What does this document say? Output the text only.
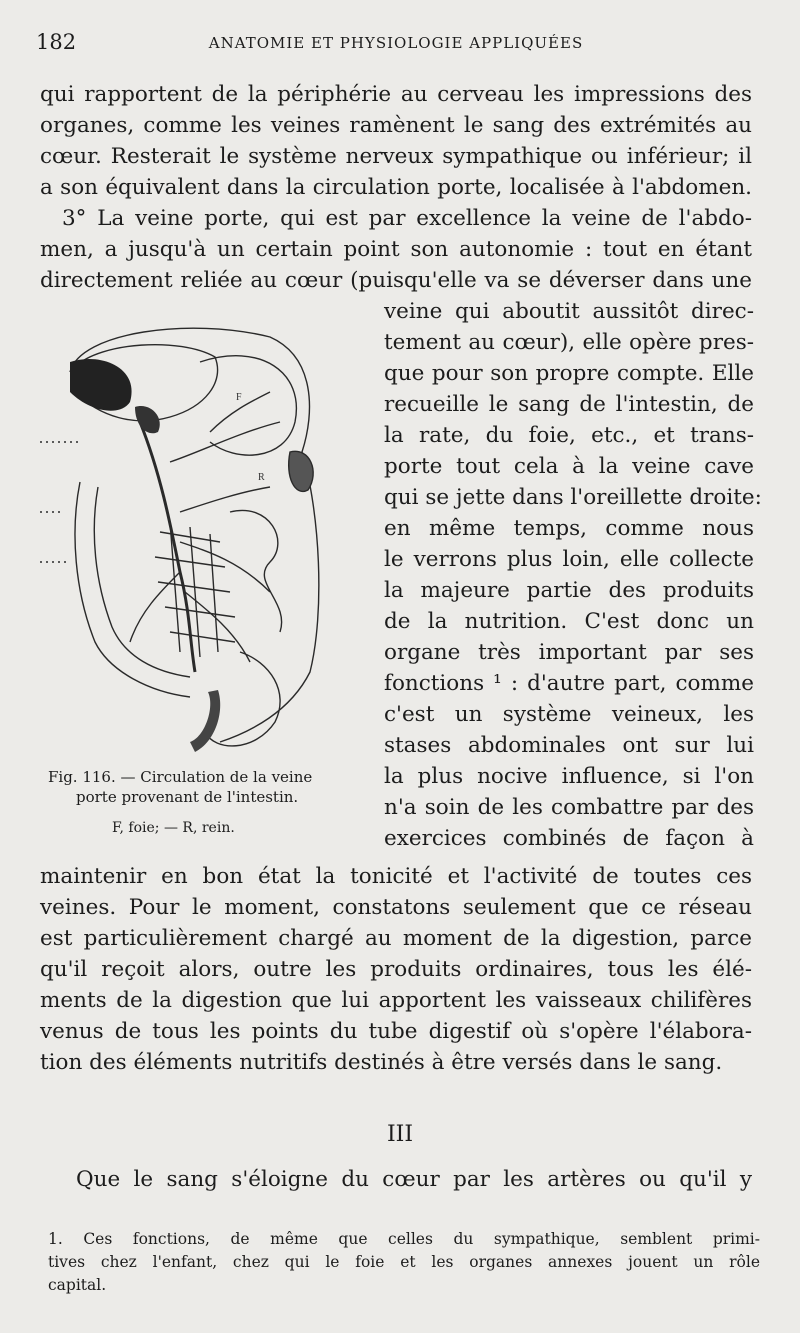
182	ANATOMIE ET PHYSIOLOGIE APPLIQUÉES
qui rapportent de la périphérie au cerveau les impressions des
organes, comme les veines ramènent le sang des extrémités au
cœur. Resterait le système nerveux sympathique ou inférieur; il
a son équivalent dans la circulation porte, localisée à l'abdomen.
3° La veine porte, qui est par excellence la veine de l'abdo-
men, a jusqu'à un certain point son autonomie : tout en étant
directement reliée au cœur (puisqu'elle va se déverser dans une
veine qui aboutit aussitôt direc-
tement au cœur), elle opère pres-
que pour son propre compte. Elle
recueille le sang de l'intestin, de
la rate, du foie, etc., et trans-
porte tout cela à la veine cave
qui se jette dans l'oreillette droite:
en même temps, comme nous
le verrons plus loin, elle collecte
la majeure partie des produits
de la nutrition. C'est donc un
organe très important par ses
fonctions ¹ : d'autre part, comme
c'est un système veineux, les
stases abdominales ont sur lui
la plus nocive influence, si l'on
n'a soin de les combattre par des
exercices combinés de façon à
F
R
Fig. 116. — Circulation de la veine
porte provenant de l'intestin.
F, foie; — R, rein.
maintenir en bon état la tonicité et l'activité de toutes ces
veines. Pour le moment, constatons seulement que ce réseau
est particulièrement chargé au moment de la digestion, parce
qu'il reçoit alors, outre les produits ordinaires, tous les élé-
ments de la digestion que lui apportent les vaisseaux chilifères
venus de tous les points du tube digestif où s'opère l'élabora-
tion des éléments nutritifs destinés à être versés dans le sang.
III
Que le sang s'éloigne du cœur par les artères ou qu'il y
1. Ces fonctions, de même que celles du sympathique, semblent primi-
tives chez l'enfant, chez qui le foie et les organes annexes jouent un rôle
capital.
